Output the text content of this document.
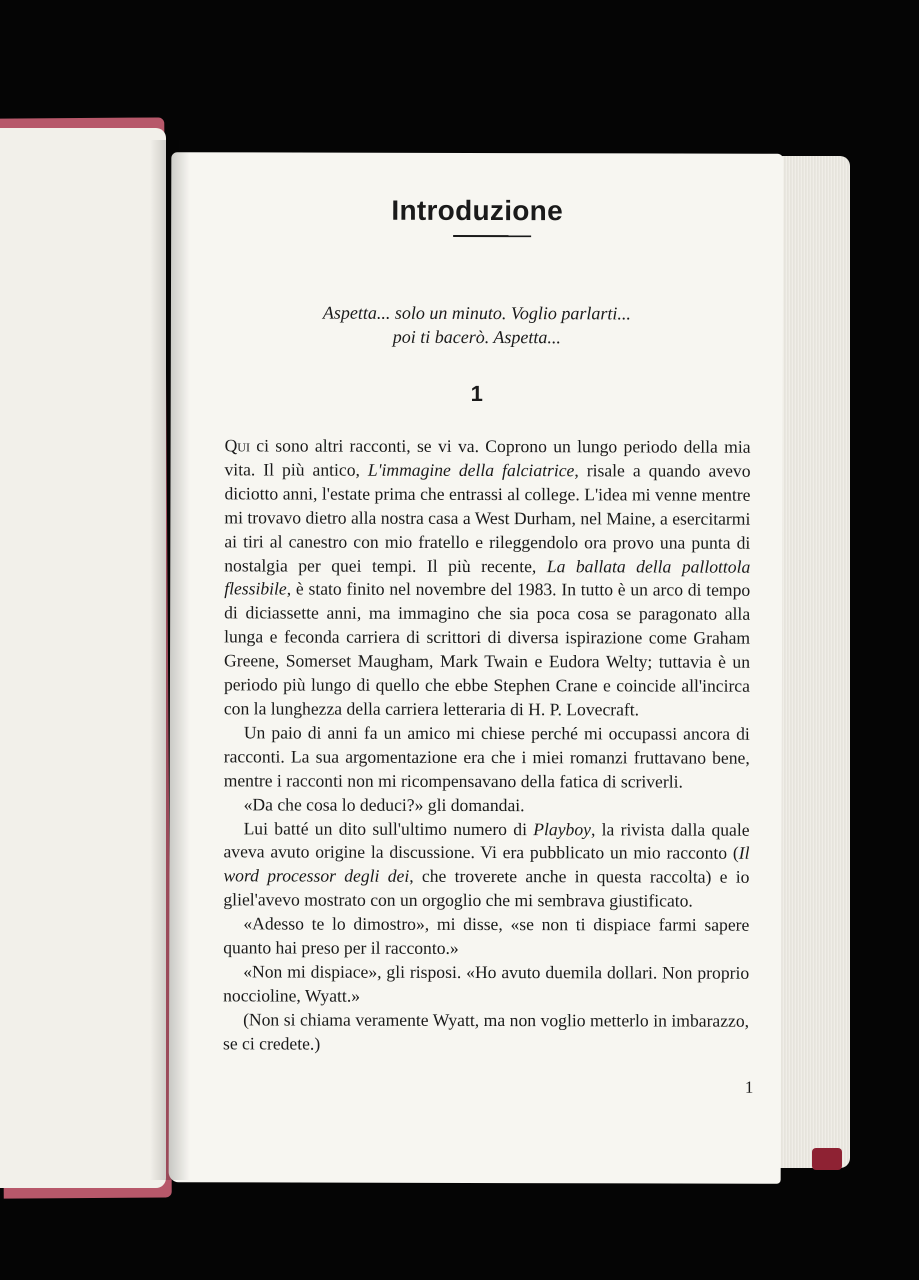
Introduzione
Aspetta... solo un minuto. Voglio parlarti...
poi ti bacerò. Aspetta...
1

Qui ci sono altri racconti, se vi va. Coprono un lungo periodo della mia vita. Il più antico, L'immagine della falciatrice, risale a quando avevo diciotto anni, l'estate prima che entrassi al college. L'idea mi venne mentre mi trovavo dietro alla nostra casa a West Durham, nel Maine, a esercitarmi ai tiri al canestro con mio fratello e rileggendolo ora provo una punta di nostalgia per quei tempi. Il più recente, La ballata della pallottola flessibile, è stato finito nel novembre del 1983. In tutto è un arco di tempo di diciassette anni, ma immagino che sia poca cosa se paragonato alla lunga e feconda carriera di scrittori di diversa ispirazione come Graham Greene, Somerset Maugham, Mark Twain e Eudora Welty; tuttavia è un periodo più lungo di quello che ebbe Stephen Crane e coincide all'incirca con la lunghezza della carriera letteraria di H. P. Lovecraft.

Un paio di anni fa un amico mi chiese perché mi occupassi ancora di racconti. La sua argomentazione era che i miei romanzi fruttavano bene, mentre i racconti non mi ricompensavano della fatica di scriverli.

«Da che cosa lo deduci?» gli domandai.

Lui batté un dito sull'ultimo numero di Playboy, la rivista dalla quale aveva avuto origine la discussione. Vi era pubblicato un mio racconto (Il word processor degli dei, che troverete anche in questa raccolta) e io gliel'avevo mostrato con un orgoglio che mi sembrava giustificato.

«Adesso te lo dimostro», mi disse, «se non ti dispiace farmi sapere quanto hai preso per il racconto.»

«Non mi dispiace», gli risposi. «Ho avuto duemila dollari. Non proprio noccioline, Wyatt.»

(Non si chiama veramente Wyatt, ma non voglio metterlo in imbarazzo, se ci credete.)

1
